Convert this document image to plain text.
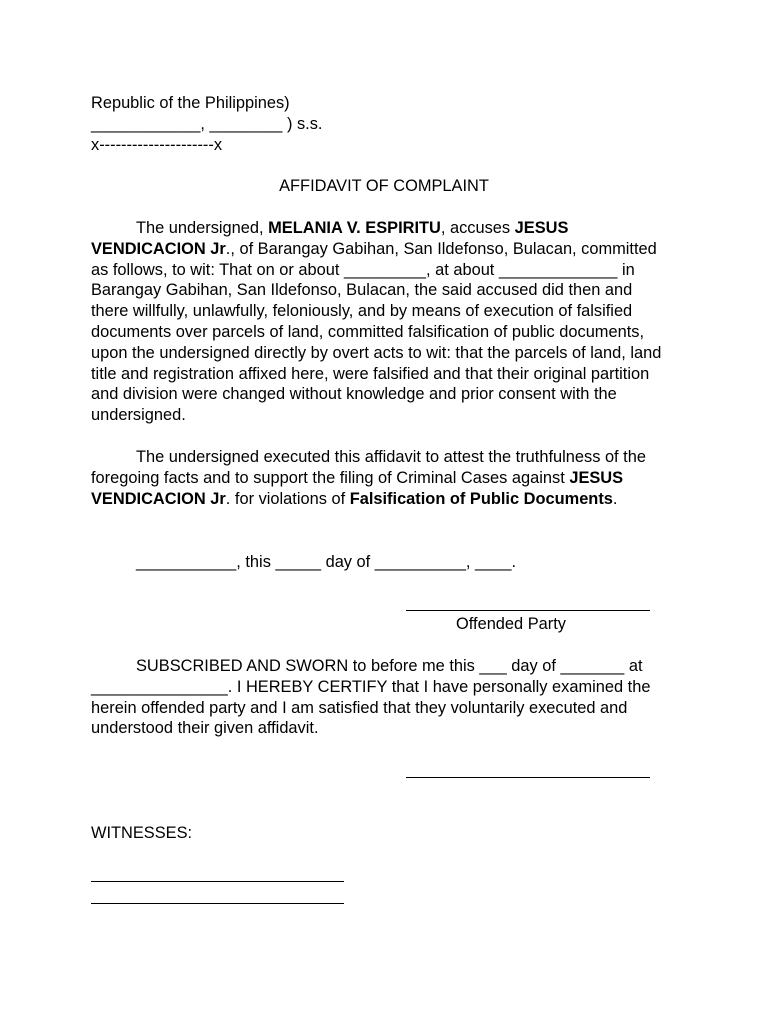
Republic of the Philippines)
____________, ________ ) s.s.
x---------------------x
AFFIDAVIT OF COMPLAINT

The undersigned, MELANIA V. ESPIRITU, accuses JESUS VENDICACION Jr., of Barangay Gabihan, San Ildefonso, Bulacan, committed as follows, to wit: That on or about _________, at about _____________ in Barangay Gabihan, San Ildefonso, Bulacan, the said accused did then and there willfully, unlawfully, feloniously, and by means of execution of falsified documents over parcels of land, committed falsification of public documents, upon the undersigned directly by overt acts to wit: that the parcels of land, land title and registration affixed here, were falsified and that their original partition and division were changed without knowledge and prior consent with the undersigned.

The undersigned executed this affidavit to attest the truthfulness of the foregoing facts and to support the filing of Criminal Cases against JESUS VENDICACION Jr. for violations of Falsification of Public Documents.

___________, this _____ day of __________, ____.
Offended Party

SUBSCRIBED AND SWORN to before me this ___ day of _______ at _______________. I HEREBY CERTIFY that I have personally examined the herein offended party and I am satisfied that they voluntarily executed and understood their given affidavit.

WITNESSES:
